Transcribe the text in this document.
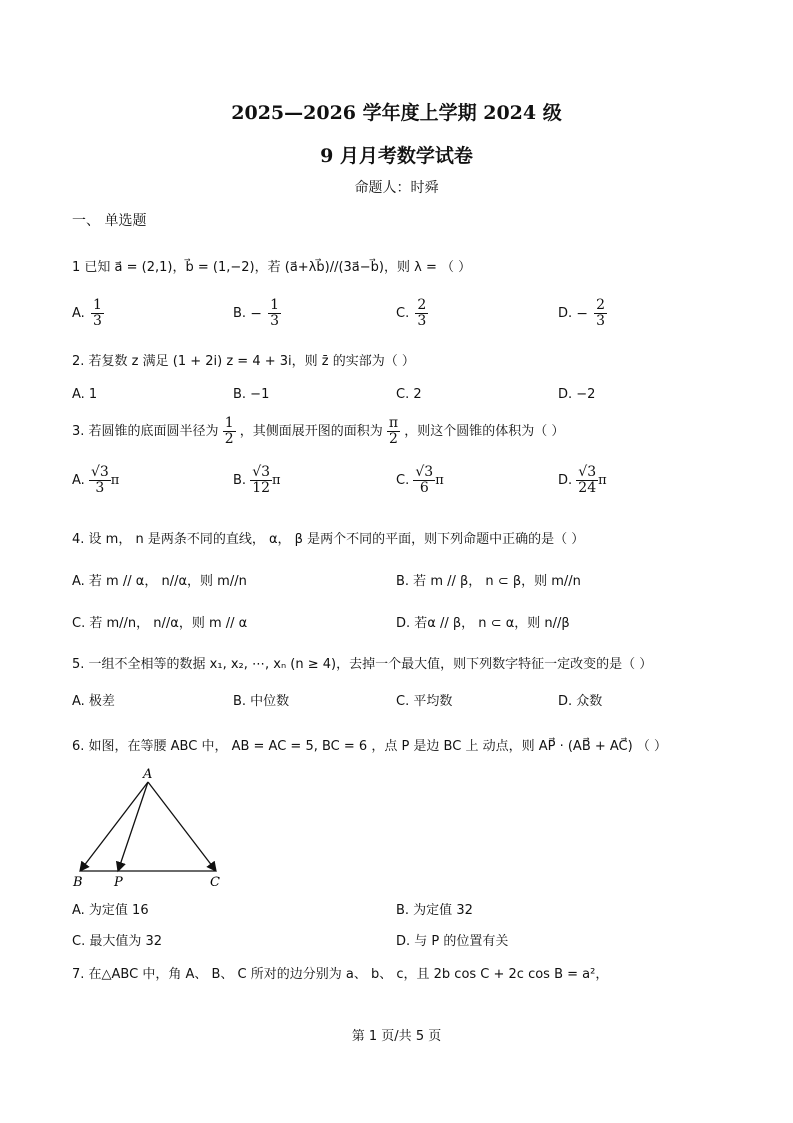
2025—2026 学年度上学期 2024 级
9 月月考数学试卷
命题人：时舜
一、 单选题
1 已知 a⃗ = (2,1)，b⃗ = (1,−2)，若 (a⃗+λb⃗)//(3a⃗−b⃗)，则 λ = （ ）
A. $\frac{1}{3}$	B. − $\frac{1}{3}$	C. $\frac{2}{3}$	D. − $\frac{2}{3}$
2. 若复数 z 满足 (1 + 2i) z = 4 + 3i，则 z̄ 的实部为（ ）
A. 1	B. −1	C. 2	D. −2
3. 若圆锥的底面圆半径为 $\frac{1}{2}$ ，其侧面展开图的面积为 $\frac{\pi}{2}$ ，则这个圆锥的体积为（ ）
A. $\frac{√3}{3}$ π	B. $\frac{√3}{12}$ π	C. $\frac{√3}{6}$ π	D. $\frac{√3}{24}$ π
4. 设 m， n 是两条不同的直线， α， β 是两个不同的平面，则下列命题中正确的是（ ）
A. 若 m // α， n//α，则 m//n	B. 若 m // β， n ⊂ β，则 m//n
C. 若 m//n， n//α，则 m // α	D. 若α // β， n ⊂ α，则 n//β
5. 一组不全相等的数据 x₁, x₂, ⋯, xₙ (n ≥ 4)，去掉一个最大值，则下列数字特征一定改变的是（ ）
A. 极差	B. 中位数	C. 平均数	D. 众数
6. 如图，在等腰 ABC 中， AB = AC = 5, BC = 6 ，点 P 是边 BC 上 动点，则 AP⃗ · (AB⃗ + AC⃗) （ ）
A
B P	C
A. 为定值 16	B. 为定值 32
C. 最大值为 32	D. 与 P 的位置有关
7. 在△ABC 中，角 A、 B、 C 所对的边分别为 a、 b、 c，且 2b cos C + 2c cos B = a²，
第 1 页/共 5 页
